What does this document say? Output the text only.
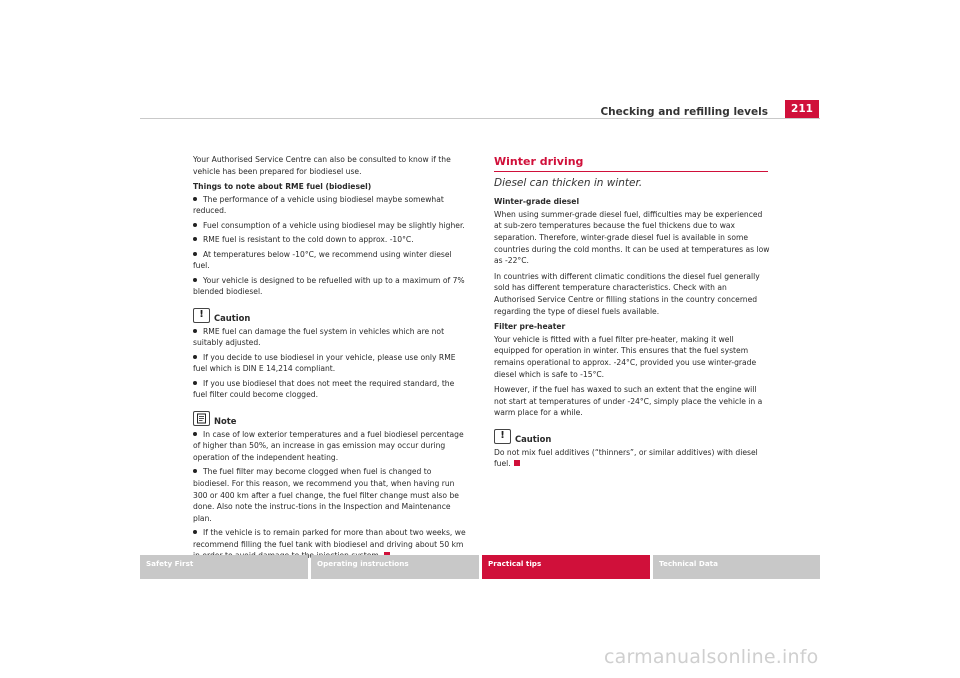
Checking and refilling levels	211

Your Authorised Service Centre can also be consulted to know if the vehicle has been prepared for biodiesel use.

Things to note about RME fuel (biodiesel)
The performance of a vehicle using biodiesel maybe somewhat reduced.
Fuel consumption of a vehicle using biodiesel may be slightly higher.
RME fuel is resistant to the cold down to approx. -10°C.
At temperatures below -10°C, we recommend using winter diesel fuel.
Your vehicle is designed to be refuelled with up to a maximum of 7% blended biodiesel.
! Caution
RME fuel can damage the fuel system in vehicles which are not suitably adjusted.
If you decide to use biodiesel in your vehicle, please use only RME fuel which is DIN E 14,214 compliant.
If you use biodiesel that does not meet the required standard, the fuel filter could become clogged.
Note
In case of low exterior temperatures and a fuel biodiesel percentage of higher than 50%, an increase in gas emission may occur during operation of the independent heating.
The fuel filter may become clogged when fuel is changed to biodiesel. For this reason, we recommend you that, when having run 300 or 400 km after a fuel change, the fuel filter change must also be done. Also note the instruc-tions in the Inspection and Maintenance plan.
If the vehicle is to remain parked for more than about two weeks, we recommend filling the fuel tank with biodiesel and driving about 50 km
Winter driving
Diesel can thicken in winter.
Winter-grade diesel

When using summer-grade diesel fuel, difficulties may be experienced at sub-zero temperatures because the fuel thickens due to wax separation. Therefore, winter-grade diesel fuel is available in some countries during the cold months. It can be used at temperatures as low as -22°C.

In countries with different climatic conditions the diesel fuel generally sold has different temperature characteristics. Check with an Authorised Service Centre or filling stations in the country concerned regarding the type of diesel fuels available.

Filter pre-heater

Your vehicle is fitted with a fuel filter pre-heater, making it well equipped for operation in winter. This ensures that the fuel system remains operational to approx. -24°C, provided you use winter-grade diesel which is safe to -15°C.

However, if the fuel has waxed to such an extent that the engine will not start at temperatures of under -24°C, simply place the vehicle in a warm place for a while.

! Caution

Do not mix fuel additives (“thinners”, or similar additives) with diesel fuel.

Safety First	Operating instructions	Practical tips	Technical Data
carmanualsonline.info
